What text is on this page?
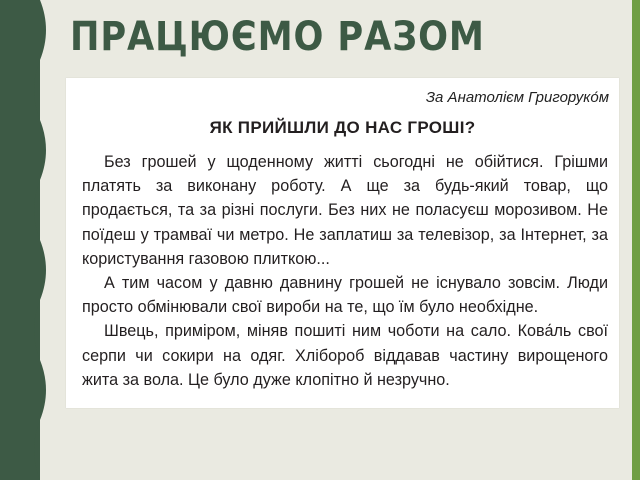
ПРАЦЮЄМО РАЗОМ
За Анатолієм Григоруко́м
ЯК ПРИЙШЛИ ДО НАС ГРОШІ?

Без грошей у щоденному житті сьогодні не обійтися. Грішми платять за виконану роботу. А ще за будь-який товар, що продається, та за різні послуги. Без них не поласуєш морозивом. Не поїдеш у трамваї чи метро. Не заплатиш за телевізор, за Інтернет, за користування газовою плиткою...

А тим часом у давню давнину грошей не існувало зовсім. Люди просто обмінювали свої вироби на те, що їм було необхідне.

Швець, приміром, міняв пошиті ним чоботи на сало. Кова́ль свої серпи чи сокири на одяг. Хлібороб віддавав частину вирощеного жита за вола. Це було дуже клопітно й незручно.
